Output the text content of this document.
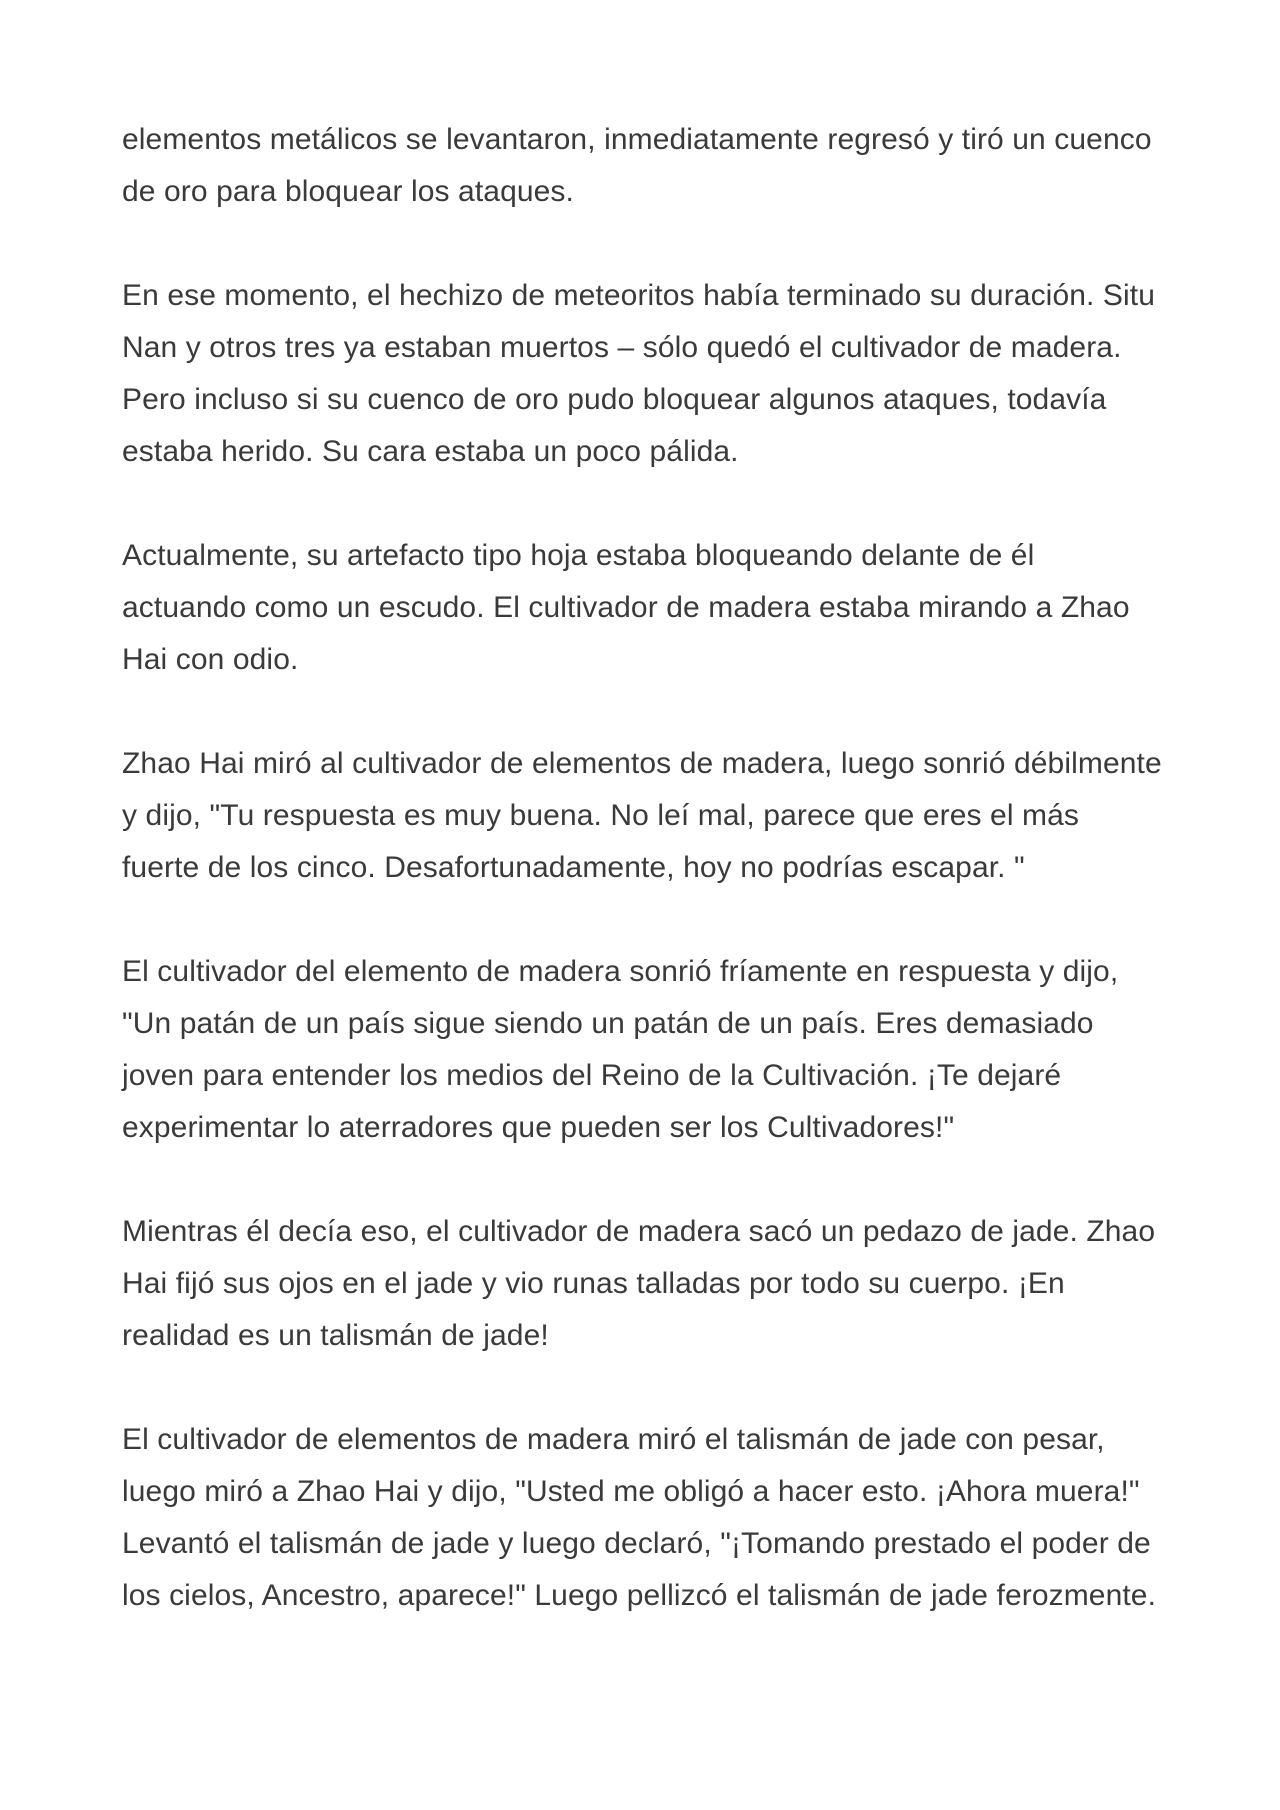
elementos metálicos se levantaron, inmediatamente regresó y tiró un cuenco
de oro para bloquear los ataques.

En ese momento, el hechizo de meteoritos había terminado su duración. Situ
Nan y otros tres ya estaban muertos – sólo quedó el cultivador de madera.
Pero incluso si su cuenco de oro pudo bloquear algunos ataques, todavía
estaba herido. Su cara estaba un poco pálida.

Actualmente, su artefacto tipo hoja estaba bloqueando delante de él
actuando como un escudo. El cultivador de madera estaba mirando a Zhao
Hai con odio.

Zhao Hai miró al cultivador de elementos de madera, luego sonrió débilmente
y dijo, "Tu respuesta es muy buena. No leí mal, parece que eres el más
fuerte de los cinco. Desafortunadamente, hoy no podrías escapar. "

El cultivador del elemento de madera sonrió fríamente en respuesta y dijo,
"Un patán de un país sigue siendo un patán de un país. Eres demasiado
joven para entender los medios del Reino de la Cultivación. ¡Te dejaré
experimentar lo aterradores que pueden ser los Cultivadores!"

Mientras él decía eso, el cultivador de madera sacó un pedazo de jade. Zhao
Hai fijó sus ojos en el jade y vio runas talladas por todo su cuerpo. ¡En
realidad es un talismán de jade!

El cultivador de elementos de madera miró el talismán de jade con pesar,
luego miró a Zhao Hai y dijo, "Usted me obligó a hacer esto. ¡Ahora muera!"
Levantó el talismán de jade y luego declaró, "¡Tomando prestado el poder de
los cielos, Ancestro, aparece!" Luego pellizcó el talismán de jade ferozmente.
